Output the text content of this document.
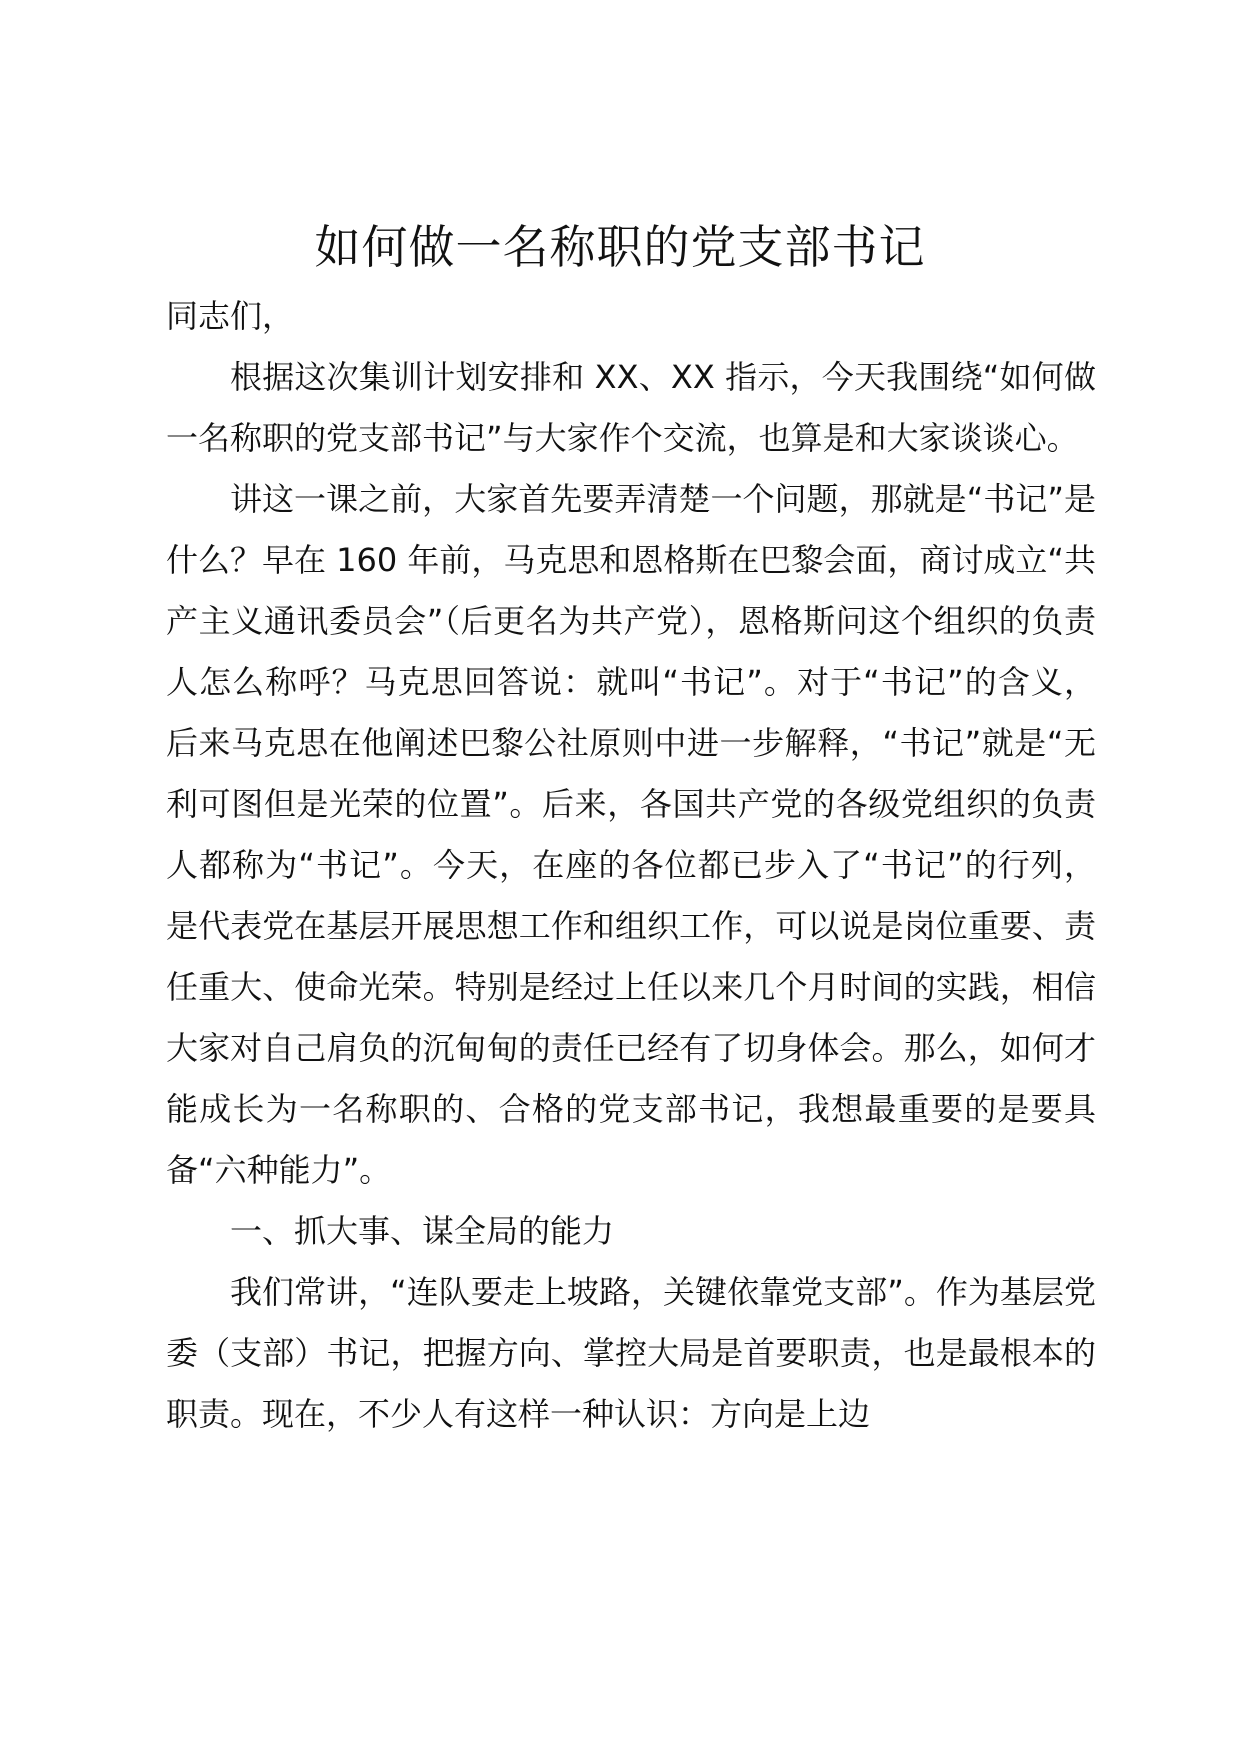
如何做一名称职的党支部书记

同志们，

根据这次集训计划安排和 XX、XX 指示，今天我围绕“如何做一名称职的党支部书记”与大家作个交流，也算是和大家谈谈心。

讲这一课之前，大家首先要弄清楚一个问题，那就是“书记”是什么？早在 160 年前，马克思和恩格斯在巴黎会面，商讨成立“共产主义通讯委员会”（后更名为共产党），恩格斯问这个组织的负责人怎么称呼？马克思回答说：就叫“书记”。对于“书记”的含义，后来马克思在他阐述巴黎公社原则中进一步解释，“书记”就是“无利可图但是光荣的位置”。后来，各国共产党的各级党组织的负责人都称为“书记”。今天，在座的各位都已步入了“书记”的行列，是代表党在基层开展思想工作和组织工作，可以说是岗位重要、责任重大、使命光荣。特别是经过上任以来几个月时间的实践，相信大家对自己肩负的沉甸甸的责任已经有了切身体会。那么，如何才能成长为一名称职的、合格的党支部书记，我想最重要的是要具备“六种能力”。

一、抓大事、谋全局的能力

我们常讲，“连队要走上坡路，关键依靠党支部”。作为基层党委（支部）书记，把握方向、掌控大局是首要职责，也是最根本的职责。现在，不少人有这样一种认识：方向是上边
